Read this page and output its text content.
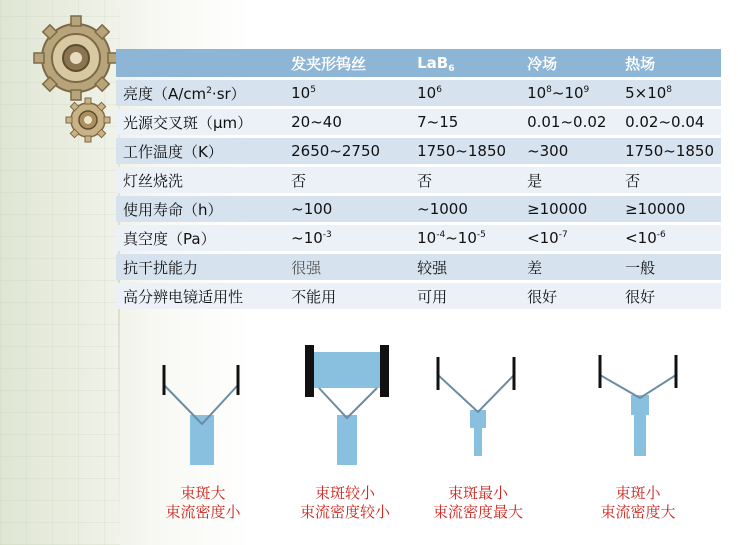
	发夹形钨丝	LaB$_6$	冷场	热场
亮度$(A/cm^2\cdot sr)$	$10^5$	$10^6$	$10^8\sim 10^9$	$5\times 10^8$
光源交叉斑（μm）	20~40	7~15	0.01~0.02	0.02~0.04
工作温度（K）	2650~2750	1750~1850	~300	1750~1850
灯丝烧洗	否	否	是	否
使用寿命（h）	~100	~1000	≥10000	≥10000
真空度（Pa）	$\sim 10^{-3}$	$10^{-4}\sim 10^{-5}$	$<10^{-7}$	$<10^{-6}$
抗干扰能力	很强	较强	差	一般
高分辨电镜适用性	不能用	可用	很好	很好
束斑大
束流密度小
束斑较小
束流密度较小
束斑最小
束流密度最大
束斑小
束流密度大
